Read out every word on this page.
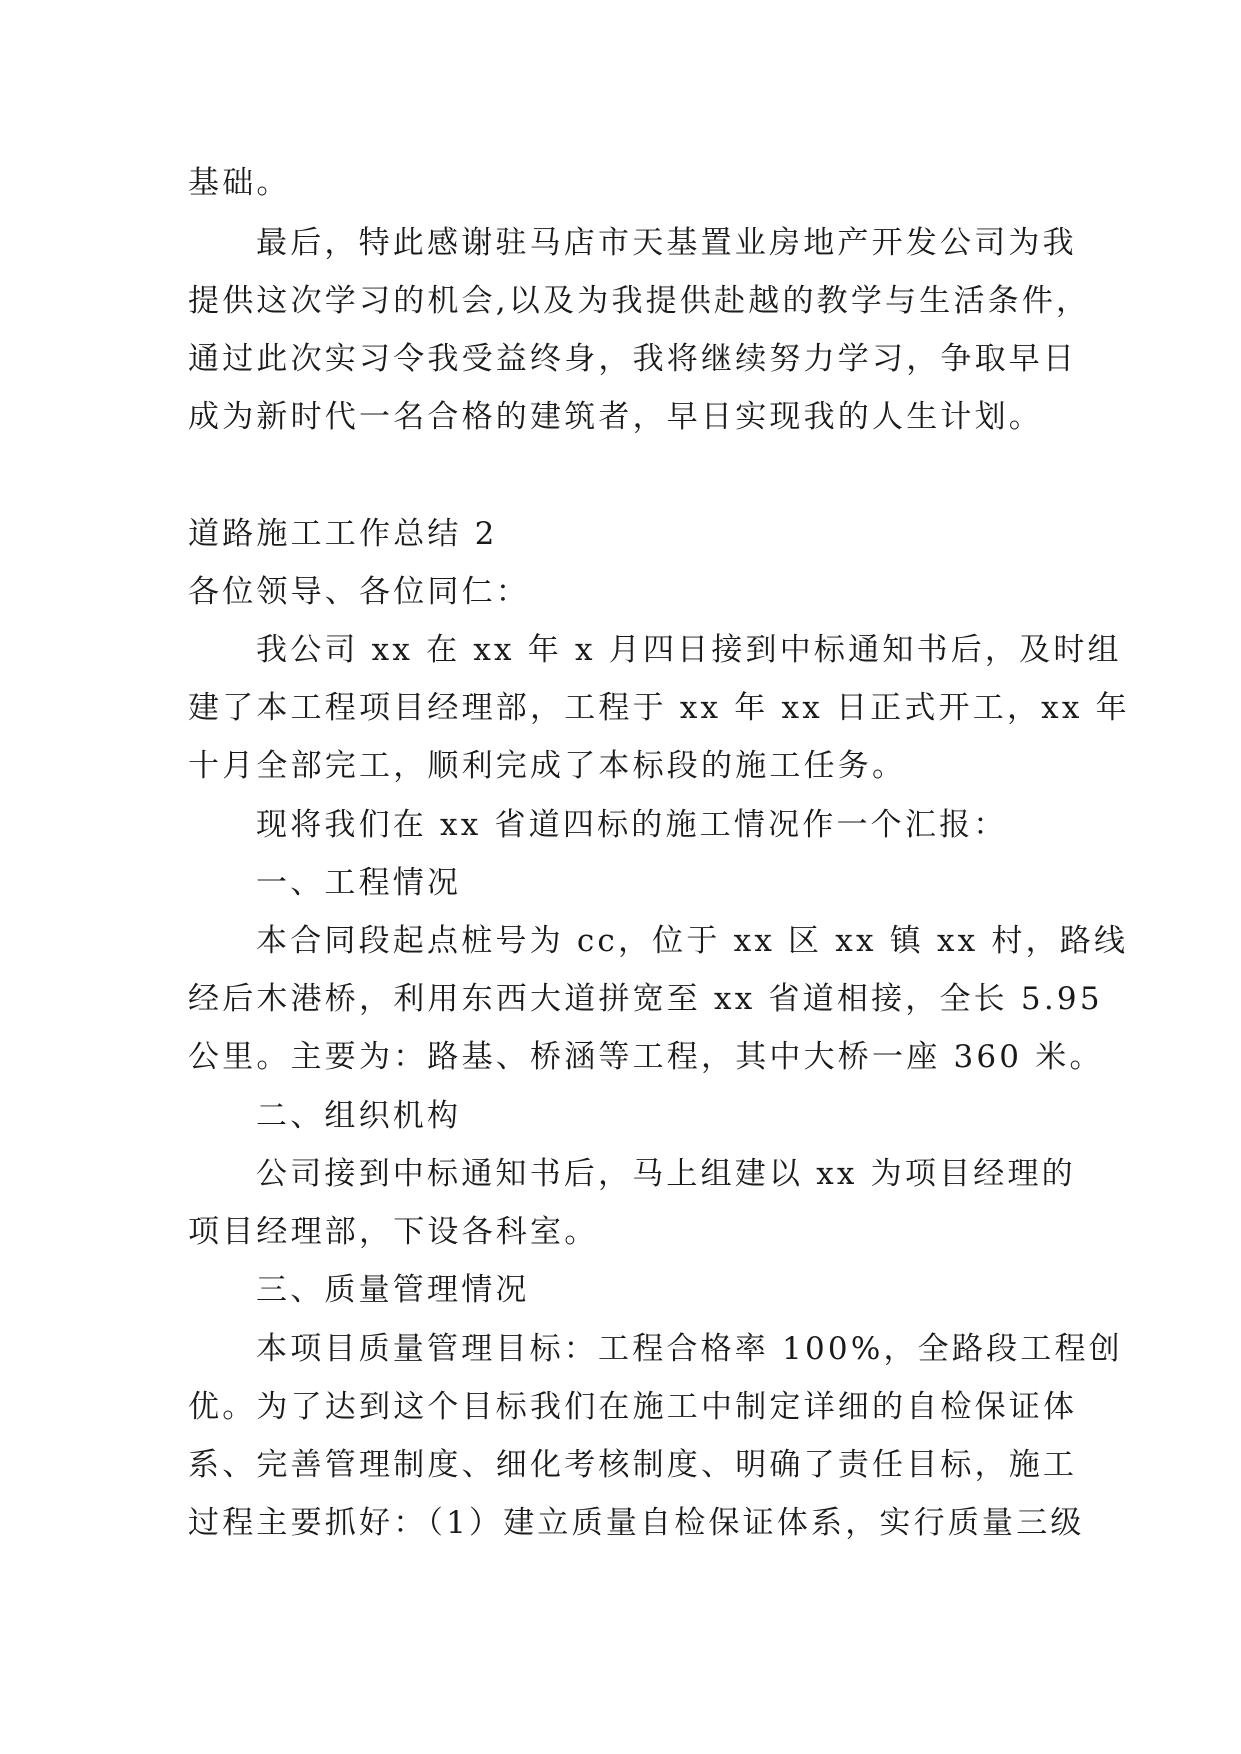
基础。
最后，特此感谢驻马店市天基置业房地产开发公司为我
提供这次学习的机会,以及为我提供赴越的教学与生活条件，
通过此次实习令我受益终身，我将继续努力学习，争取早日
成为新时代一名合格的建筑者，早日实现我的人生计划。
道路施工工作总结 2
各位领导、各位同仁：
我公司 xx 在 xx 年 x 月四日接到中标通知书后，及时组
建了本工程项目经理部，工程于 xx 年 xx 日正式开工，xx 年
十月全部完工，顺利完成了本标段的施工任务。
现将我们在 xx 省道四标的施工情况作一个汇报：
一、工程情况
本合同段起点桩号为 cc，位于 xx 区 xx 镇 xx 村，路线
经后木港桥，利用东西大道拼宽至 xx 省道相接，全长 5.95
公里。主要为：路基、桥涵等工程，其中大桥一座 360 米。
二、组织机构
公司接到中标通知书后，马上组建以 xx 为项目经理的
项目经理部，下设各科室。
三、质量管理情况
本项目质量管理目标：工程合格率 100%，全路段工程创
优。为了达到这个目标我们在施工中制定详细的自检保证体
系、完善管理制度、细化考核制度、明确了责任目标，施工
过程主要抓好：（1）建立质量自检保证体系，实行质量三级
